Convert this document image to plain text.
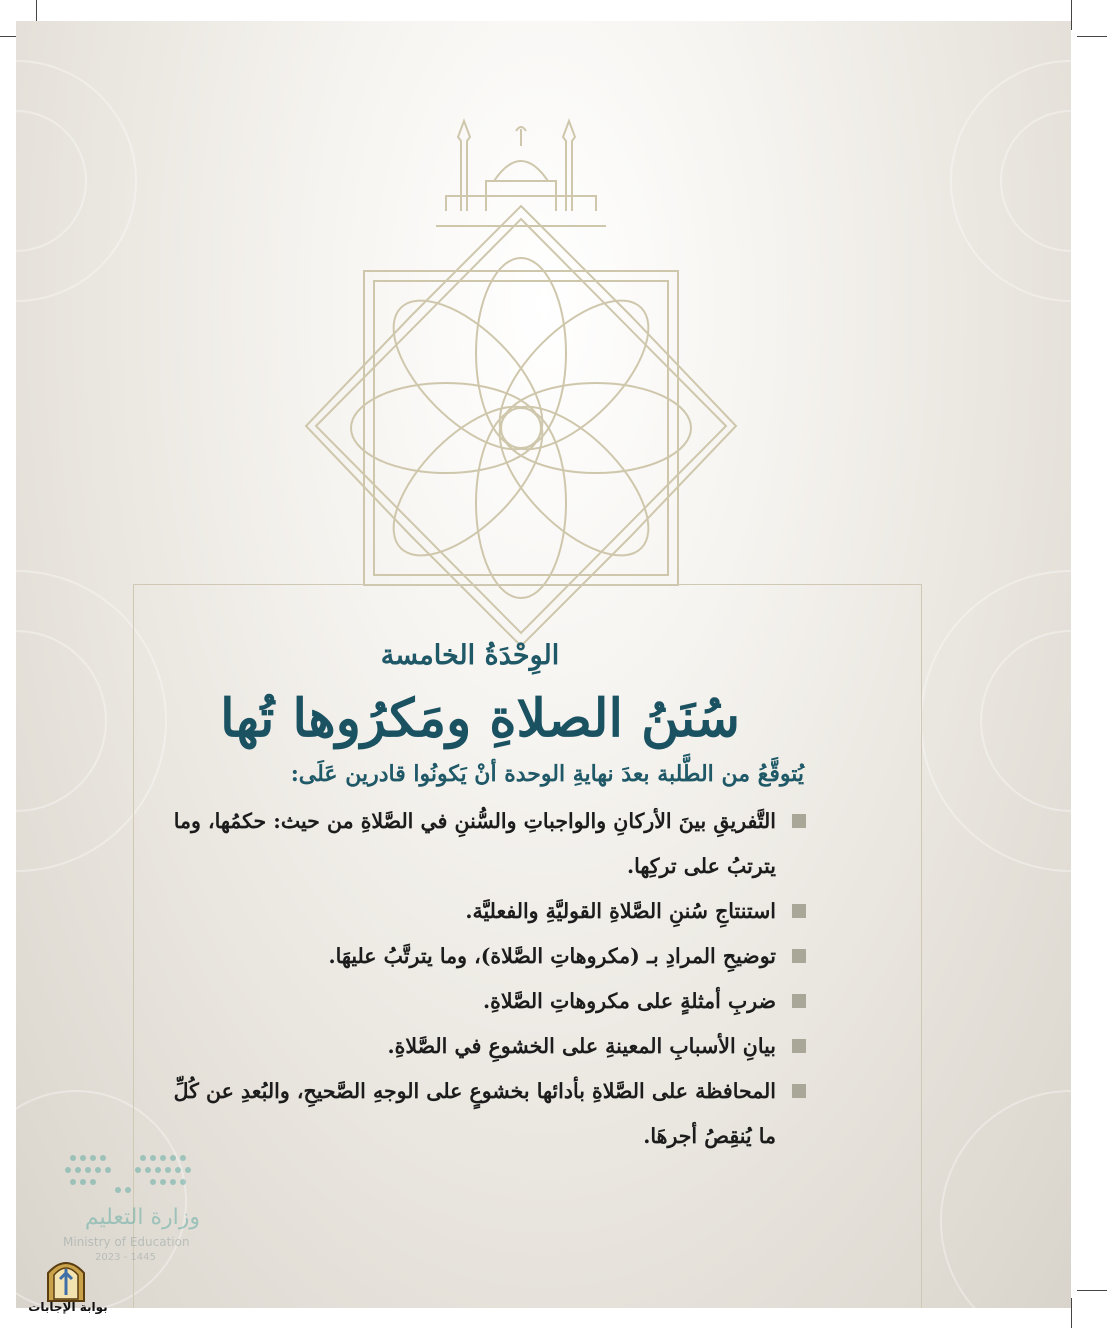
الوِحْدَةُ الخامسة
سُنَنُ الصلاةِ ومَكرُوها تُها
يُتوقَّعُ من الطَّلبة بعدَ نهايةِ الوحدة أنْ يَكونُوا قادرين عَلَى:
التَّفريقِ بينَ الأركانِ والواجباتِ والسُّننِ في الصَّلاةِ من حيث: حكمُها، وما يترتبُ على تركِها.
استنتاجِ سُننِ الصَّلاةِ القوليَّةِ والفعليَّة.
توضيحِ المرادِ بـ (مكروهاتِ الصَّلاة)، وما يترتَّبُ عليهَا.
ضربِ أمثلةٍ على مكروهاتِ الصَّلاةِ.
بيانِ الأسبابِ المعينةِ على الخشوعِ في الصَّلاةِ.
المحافظة على الصَّلاةِ بأدائها بخشوعٍ على الوجهِ الصَّحيحِ، والبُعدِ عن كُلِّ ما يُنقِصُ أجرهَا.
وزارة التعليم
Ministry of Education
2023 - 1445
بوابة الإجابات
